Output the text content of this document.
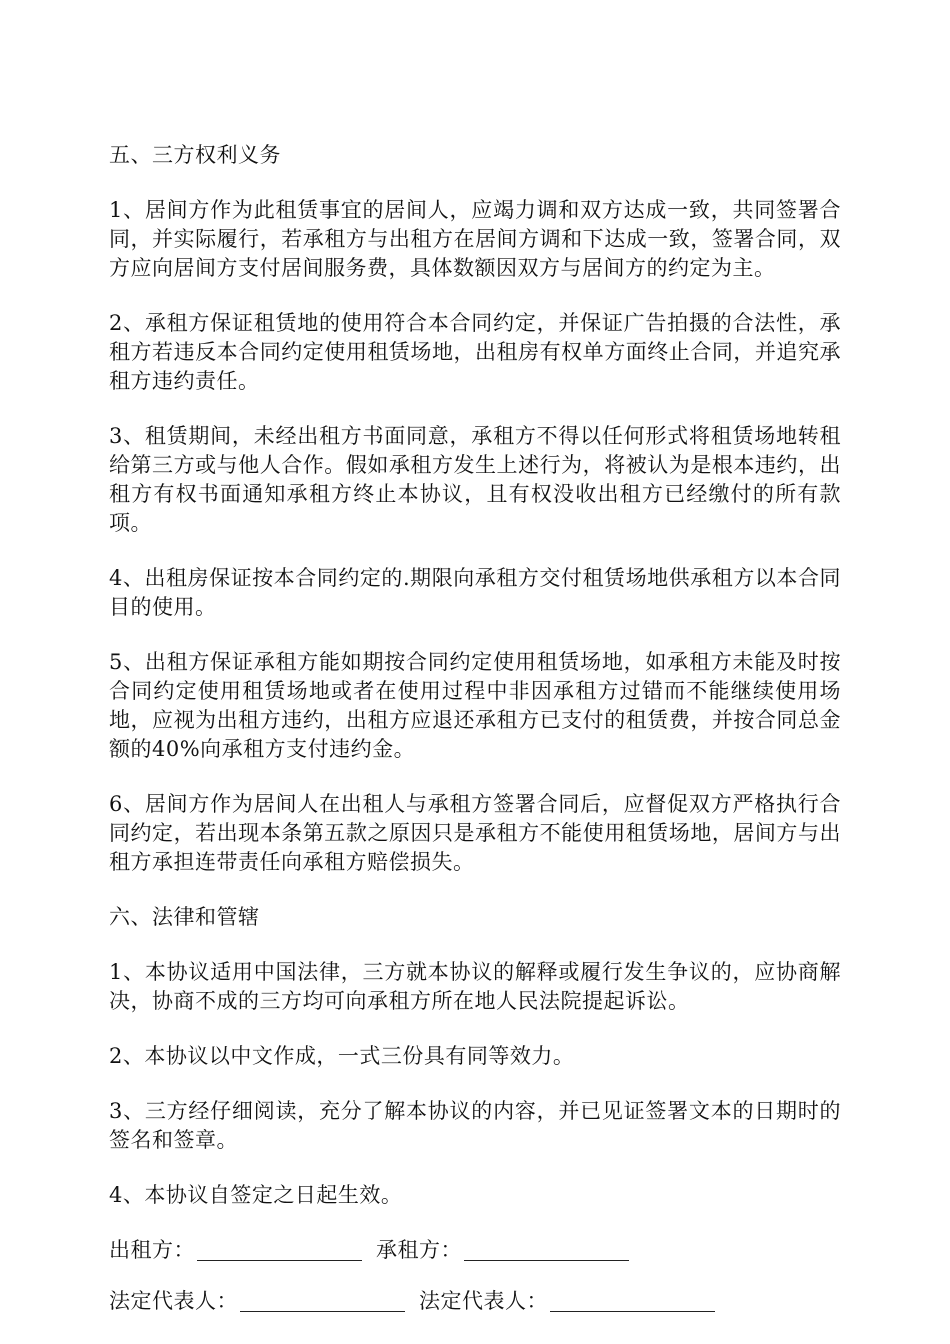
五、三方权利义务

1、居间方作为此租赁事宜的居间人，应竭力调和双方达成一致，共同签署合同，并实际履行，若承租方与出租方在居间方调和下达成一致，签署合同，双方应向居间方支付居间服务费，具体数额因双方与居间方的约定为主。

2、承租方保证租赁地的使用符合本合同约定，并保证广告拍摄的合法性，承租方若违反本合同约定使用租赁场地，出租房有权单方面终止合同，并追究承租方违约责任。

3、租赁期间，未经出租方书面同意，承租方不得以任何形式将租赁场地转租给第三方或与他人合作。假如承租方发生上述行为，将被认为是根本违约，出租方有权书面通知承租方终止本协议，且有权没收出租方已经缴付的所有款项。

4、出租房保证按本合同约定的.期限向承租方交付租赁场地供承租方以本合同目的使用。

5、出租方保证承租方能如期按合同约定使用租赁场地，如承租方未能及时按合同约定使用租赁场地或者在使用过程中非因承租方过错而不能继续使用场地，应视为出租方违约，出租方应退还承租方已支付的租赁费，并按合同总金额的40%向承租方支付违约金。

6、居间方作为居间人在出租人与承租方签署合同后，应督促双方严格执行合同约定，若出现本条第五款之原因只是承租方不能使用租赁场地，居间方与出租方承担连带责任向承租方赔偿损失。

六、法律和管辖

1、本协议适用中国法律，三方就本协议的解释或履行发生争议的，应协商解决，协商不成的三方均可向承租方所在地人民法院提起诉讼。

2、本协议以中文作成，一式三份具有同等效力。

3、三方经仔细阅读，充分了解本协议的内容，并已见证签署文本的日期时的签名和签章。

4、本协议自签定之日起生效。

出租方：	承租方：
法定代表人：	法定代表人：
